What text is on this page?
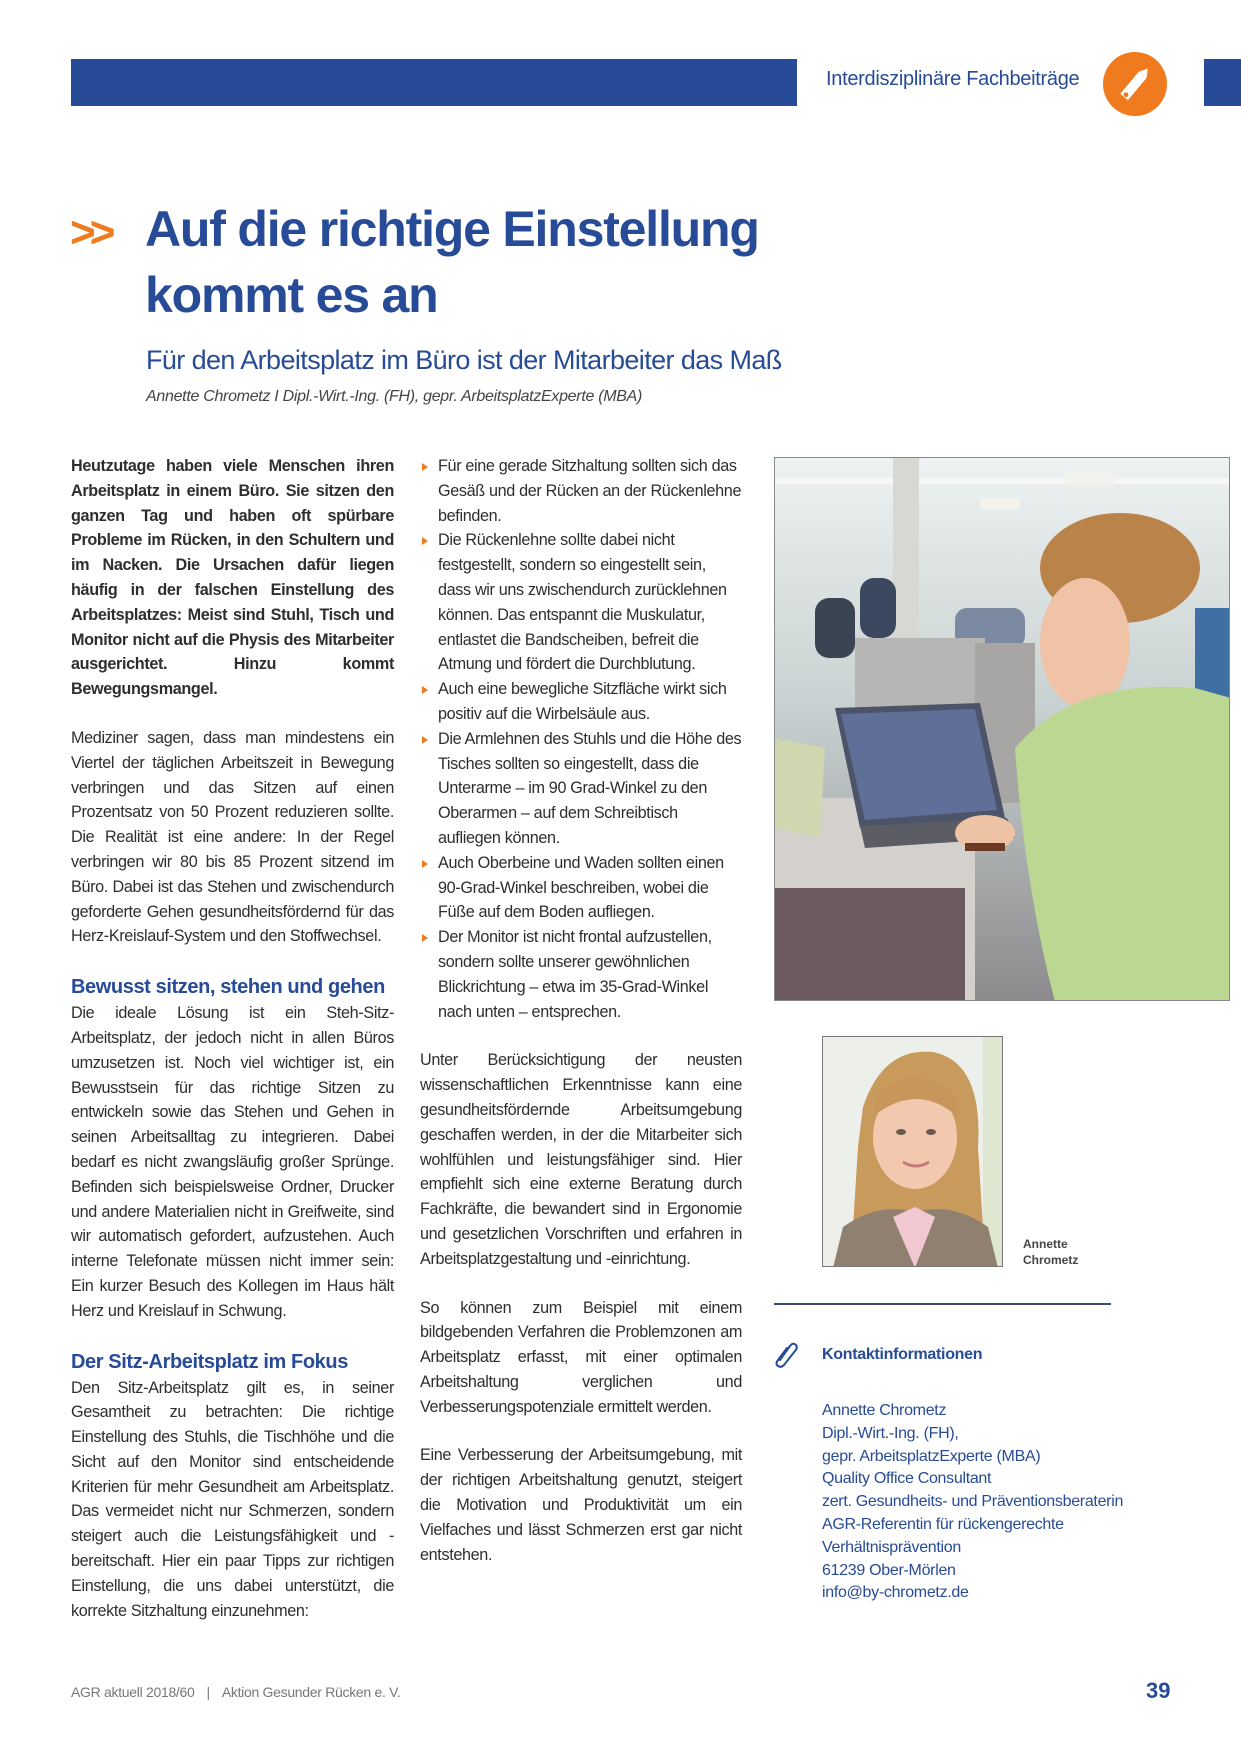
Interdisziplinäre Fachbeiträge
>> Auf die richtige Einstellung
kommt es an
Für den Arbeitsplatz im Büro ist der Mitarbeiter das Maß
Annette Chrometz I Dipl.-Wirt.-Ing. (FH), gepr. ArbeitsplatzExperte (MBA)

Heutzutage haben viele Menschen ihren Arbeitsplatz in einem Büro. Sie sitzen den ganzen Tag und haben oft spürbare Probleme im Rücken, in den Schultern und im Nacken. Die Ursachen dafür liegen häufig in der falschen Einstellung des Arbeitsplatzes: Meist sind Stuhl, Tisch und Monitor nicht auf die Physis des Mitarbeiter ausgerichtet. Hinzu kommt Bewegungsmangel.

Mediziner sagen, dass man mindestens ein Viertel der täglichen Arbeitszeit in Bewegung verbringen und das Sitzen auf einen Prozentsatz von 50 Prozent reduzieren sollte. Die Realität ist eine andere: In der Regel verbringen wir 80 bis 85 Prozent sitzend im Büro. Dabei ist das Stehen und zwischendurch geforderte Gehen gesundheitsfördernd für das Herz-Kreislauf-System und den Stoffwechsel.

Bewusst sitzen, stehen und gehen

Die ideale Lösung ist ein Steh-Sitz-Arbeitsplatz, der jedoch nicht in allen Büros umzusetzen ist. Noch viel wichtiger ist, ein Bewusstsein für das richtige Sitzen zu entwickeln sowie das Stehen und Gehen in seinen Arbeitsalltag zu integrieren. Dabei bedarf es nicht zwangsläufig großer Sprünge. Befinden sich beispielsweise Ordner, Drucker und andere Materialien nicht in Greifweite, sind wir automatisch gefordert, aufzustehen. Auch interne Telefonate müssen nicht immer sein: Ein kurzer Besuch des Kollegen im Haus hält Herz und Kreislauf in Schwung.

Der Sitz-Arbeitsplatz im Fokus

Den Sitz-Arbeitsplatz gilt es, in seiner Gesamtheit zu betrachten: Die richtige Einstellung des Stuhls, die Tischhöhe und die Sicht auf den Monitor sind entscheidende Kriterien für mehr Gesundheit am Arbeitsplatz. Das vermeidet nicht nur Schmerzen, sondern steigert auch die Leistungsfähigkeit und -bereitschaft. Hier ein paar Tipps zur richtigen Einstellung, die uns dabei unterstützt, die korrekte Sitzhaltung einzunehmen:

Für eine gerade Sitzhaltung sollten sich das Gesäß und der Rücken an der Rückenlehne befinden.
Die Rückenlehne sollte dabei nicht festgestellt, sondern so eingestellt sein, dass wir uns zwischendurch zurücklehnen können. Das entspannt die Muskulatur, entlastet die Bandscheiben, befreit die Atmung und fördert die Durchblutung.
Auch eine bewegliche Sitzfläche wirkt sich positiv auf die Wirbelsäule aus.
Die Armlehnen des Stuhls und die Höhe des Tisches sollten so eingestellt, dass die Unterarme – im 90 Grad-Winkel zu den Oberarmen – auf dem Schreibtisch aufliegen können.
Auch Oberbeine und Waden sollten einen 90-Grad-Winkel beschreiben, wobei die Füße auf dem Boden aufliegen.
Der Monitor ist nicht frontal aufzustellen, sondern sollte unserer gewöhnlichen Blickrichtung – etwa im 35-Grad-Winkel nach unten – entsprechen.

Unter Berücksichtigung der neusten wissenschaftlichen Erkenntnisse kann eine gesundheitsfördernde Arbeitsumgebung geschaffen werden, in der die Mitarbeiter sich wohlfühlen und leistungsfähiger sind. Hier empfiehlt sich eine externe Beratung durch Fachkräfte, die bewandert sind in Ergonomie und gesetzlichen Vorschriften und erfahren in Arbeitsplatzgestaltung und -einrichtung.

So können zum Beispiel mit einem bildgebenden Verfahren die Problemzonen am Arbeitsplatz erfasst, mit einer optimalen Arbeitshaltung verglichen und Verbesserungspotenziale ermittelt werden.

Eine Verbesserung der Arbeitsumgebung, mit der richtigen Arbeitshaltung genutzt, steigert die Motivation und Produktivität um ein Vielfaches und lässt Schmerzen erst gar nicht entstehen.

Annette
Chrometz
Kontaktinformationen
Annette Chrometz
Dipl.-Wirt.-Ing. (FH),
gepr. ArbeitsplatzExperte (MBA)
Quality Office Consultant
zert. Gesundheits- und Präventionsberaterin
AGR-Referentin für rückengerechte
Verhältnisprävention
61239 Ober-Mörlen
info@by-chrometz.de
AGR aktuell 2018/60 | Aktion Gesunder Rücken e. V.	39
